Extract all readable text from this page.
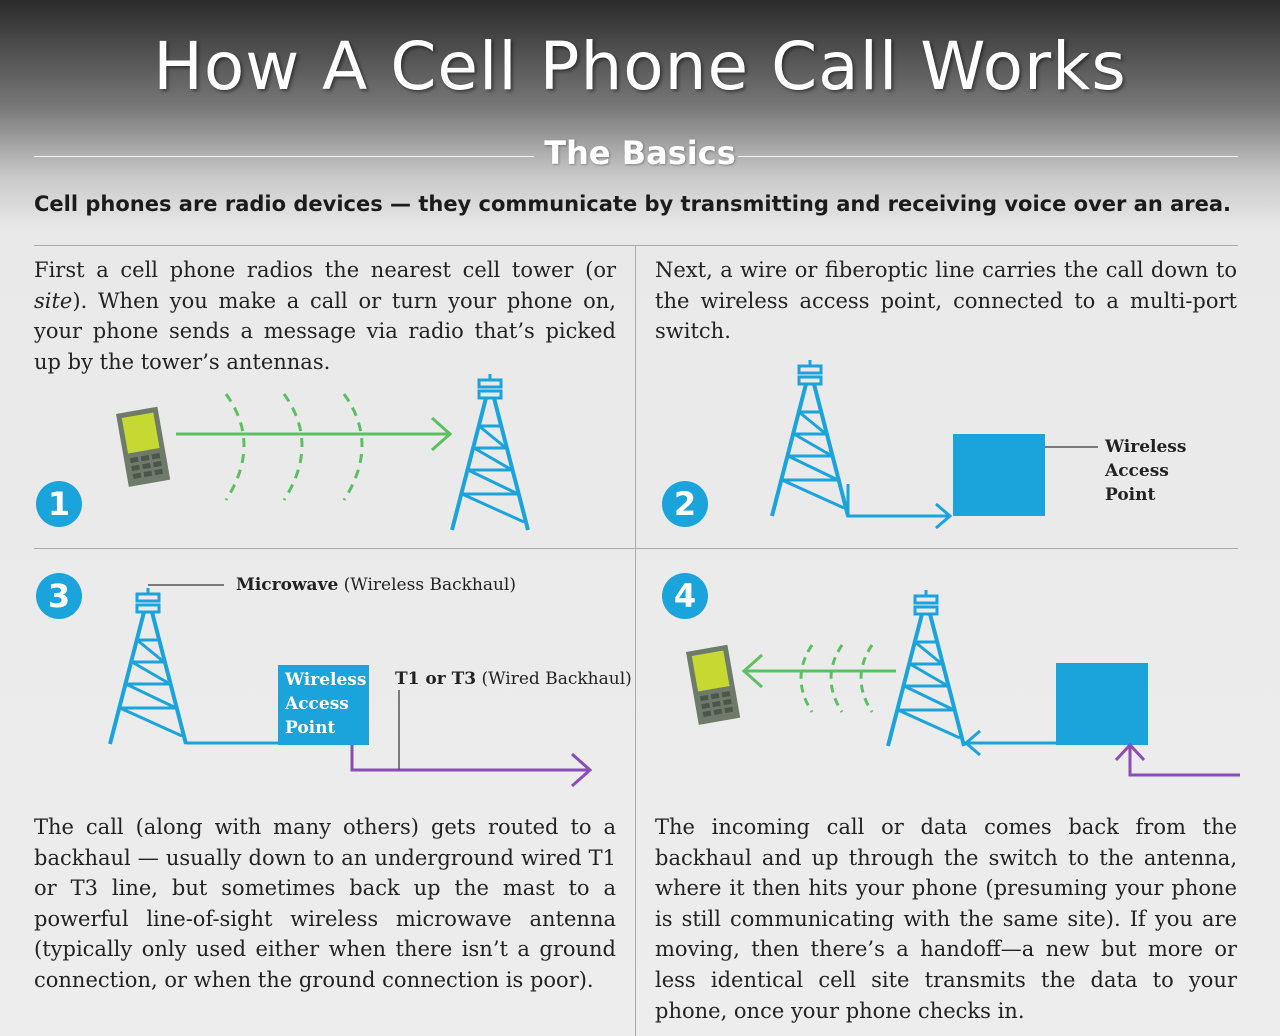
How A Cell Phone Call Works
The Basics
Cell phones are radio devices — they communicate by transmitting and receiving voice over an area.
First a cell phone radios the nearest cell tower (or site). When you make a call or turn your phone on, your phone sends a message via radio that’s picked up by the tower’s antennas.
Next, a wire or fiberoptic line carries the call down to the wireless access point, connected to a multi-port switch.
The call (along with many others) gets routed to a backhaul — usually down to an underground wired T1 or T3 line, but sometimes back up the mast to a powerful line-of-sight wireless microwave antenna (typically only used either when there isn’t a ground connection, or when the ground connection is poor).
The incoming call or data comes back from the backhaul and up through the switch to the antenna, where it then hits your phone (presuming your phone is still communicating with the same site). If you are moving, then there’s a handoff—a new but more or less identical cell site transmits the data to your phone, once your phone checks in.
1	2
3	4
Wireless
Access
Point
Microwave (Wireless Backhaul)
Wireless
Access
Point
T1 or T3 (Wired Backhaul)
